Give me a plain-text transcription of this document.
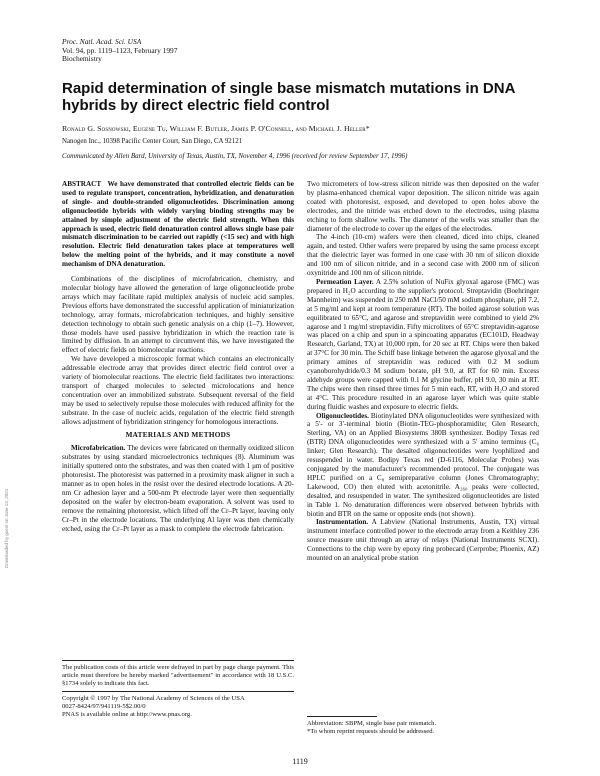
Proc. Natl. Acad. Sci. USA
Vol. 94, pp. 1119–1123, February 1997
Biochemistry
Rapid determination of single base mismatch mutations in DNA hybrids by direct electric field control
Ronald G. Sosnowski, Eugene Tu, William F. Butler, James P. O'Connell, and Michael J. Heller*
Nanogen Inc., 10398 Pacific Center Court, San Diego, CA 92121
Communicated by Allen Bard, University of Texas, Austin, TX, November 4, 1996 (received for review September 17, 1996)

ABSTRACT We have demonstrated that controlled electric fields can be used to regulate transport, concentration, hybridization, and denaturation of single- and double-stranded oligonucleotides. Discrimination among oligonucleotide hybrids with widely varying binding strengths may be attained by simple adjustment of the electric field strength. When this approach is used, electric field denaturation control allows single base pair mismatch discrimination to be carried out rapidly (<15 sec) and with high resolution. Electric field denaturation takes place at temperatures well below the melting point of the hybrids, and it may constitute a novel mechanism of DNA denaturation.

Combinations of the disciplines of microfabrication, chemistry, and molecular biology have allowed the generation of large oligonucleotide probe arrays which may facilitate rapid multiplex analysis of nucleic acid samples. Previous efforts have demonstrated the successful application of miniaturization technology, array formats, microfabrication techniques, and highly sensitive detection technology to obtain such genetic analysis on a chip (1–7). However, those models have used passive hybridization in which the reaction rate is limited by diffusion. In an attempt to circumvent this, we have investigated the effect of electric fields on biomolecular reactions.

We have developed a microscopic format which contains an electronically addressable electrode array that provides direct electric field control over a variety of biomolecular reactions. The electric field facilitates two interactions: transport of charged molecules to selected microlocations and hence concentration over an immobilized substrate. Subsequent reversal of the field may be used to selectively repulse those molecules with reduced affinity for the substrate. In the case of nucleic acids, regulation of the electric field strength allows adjustment of hybridization stringency for homologous interactions.

MATERIALS AND METHODS

Microfabrication. The devices were fabricated on thermally oxidized silicon substrates by using standard microelectronics techniques (8). Aluminum was initially sputtered onto the substrates, and was then coated with 1 μm of positive photoresist. The photoresist was patterned in a proximity mask aligner in such a manner as to open holes in the resist over the desired electrode locations. A 20-nm Cr adhesion layer and a 500-nm Pt electrode layer were then sequentially deposited on the wafer by electron-beam evaporation. A solvent was used to remove the remaining photoresist, which lifted off the Cr–Pt layer, leaving only Cr–Pt in the electrode locations. The underlying Al layer was then chemically etched, using the Cr–Pt layer as a mask to complete the electrode fabrication.

The publication costs of this article were defrayed in part by page charge payment. This article must therefore be hereby marked "advertisement" in accordance with 18 U.S.C. §1734 solely to indicate this fact.
Copyright © 1997 by The National Academy of Sciences of the USA
0027-8424/97/941119-5$2.00/0
PNAS is available online at http://www.pnas.org.

Two micrometers of low-stress silicon nitride was then deposited on the wafer by plasma-enhanced chemical vapor deposition. The silicon nitride was again coated with photoresist, exposed, and developed to open holes above the electrodes, and the nitride was etched down to the electrodes, using plasma etching to form shallow wells. The diameter of the wells was smaller than the diameter of the electrode to cover up the edges of the electrodes.

The 4-inch (10-cm) wafers were then cleaned, diced into chips, cleaned again, and tested. Other wafers were prepared by using the same process except that the dielectric layer was formed in one case with 30 nm of silicon dioxide and 100 nm of silicon nitride, and in a second case with 2000 nm of silicon oxynitride and 100 nm of silicon nitride.

Permeation Layer. A 2.5% solution of NuFix glyoxal agarose (FMC) was prepared in H₂O according to the supplier's protocol. Streptavidin (Boehringer Mannheim) was suspended in 250 mM NaCl/50 mM sodium phosphate, pH 7.2, at 5 mg/ml and kept at room temperature (RT). The boiled agarose solution was equilibrated to 65°C, and agarose and streptavidin were combined to yield 2% agarose and 1 mg/ml streptavidin. Fifty microliters of 65°C streptavidin-agarose was placed on a chip and spun in a spincoating apparatus (EC101D, Headway Research, Garland, TX) at 10,000 rpm, for 20 sec at RT. Chips were then baked at 37°C for 30 min. The Schiff base linkage between the agarose glyoxal and the primary amines of streptavidin was reduced with 0.2 M sodium cyanoborohydride/0.3 M sodium borate, pH 9.0, at RT for 60 min. Excess aldehyde groups were capped with 0.1 M glycine buffer, pH 9.0, 30 min at RT. The chips were then rinsed three times for 5 min each, RT, with H₂O and stored at 4°C. This procedure resulted in an agarose layer which was quite stable during fluidic washes and exposure to electric fields.

Oligonucleotides. Biotinylated DNA oligonucleotides were synthesized with a 5′- or 3′-terminal biotin (Biotin-TEG-phosphoramidite; Glen Research, Sterling, VA) on an Applied Biosystems 380B synthesizer. Bodipy Texas red (BTR) DNA oligonucleotides were synthesized with a 5′ amino terminus (C₆ linker; Glen Research). The desalted oligonucleotides were lyophilized and resuspended in water. Bodipy Texas red (D-6116, Molecular Probes) was conjugated by the manufacturer's recommended protocol. The conjugate was HPLC purified on a C₈ semipreparative column (Jones Chromatography; Lakewood, CO) then eluted with acetonitrile. A₂₆₀ peaks were collected, desalted, and resuspended in water. The synthesized oligonucleotides are listed in Table 1. No denaturation differences were observed between hybrids with biotin and BTR on the same or opposite ends (not shown).

Instrumentation. A Labview (National Instruments, Austin, TX) virtual instrument interface controlled power to the electrode array from a Keithley 236 source measure unit through an array of relays (National Instruments SCXI). Connections to the chip were by epoxy ring probecard (Cerprobe; Phoenix, AZ) mounted on an analytical probe station

Abbreviation: SBPM, single base pair mismatch.
*To whom reprint requests should be addressed.
1119
Downloaded by guest on June 13, 2021
